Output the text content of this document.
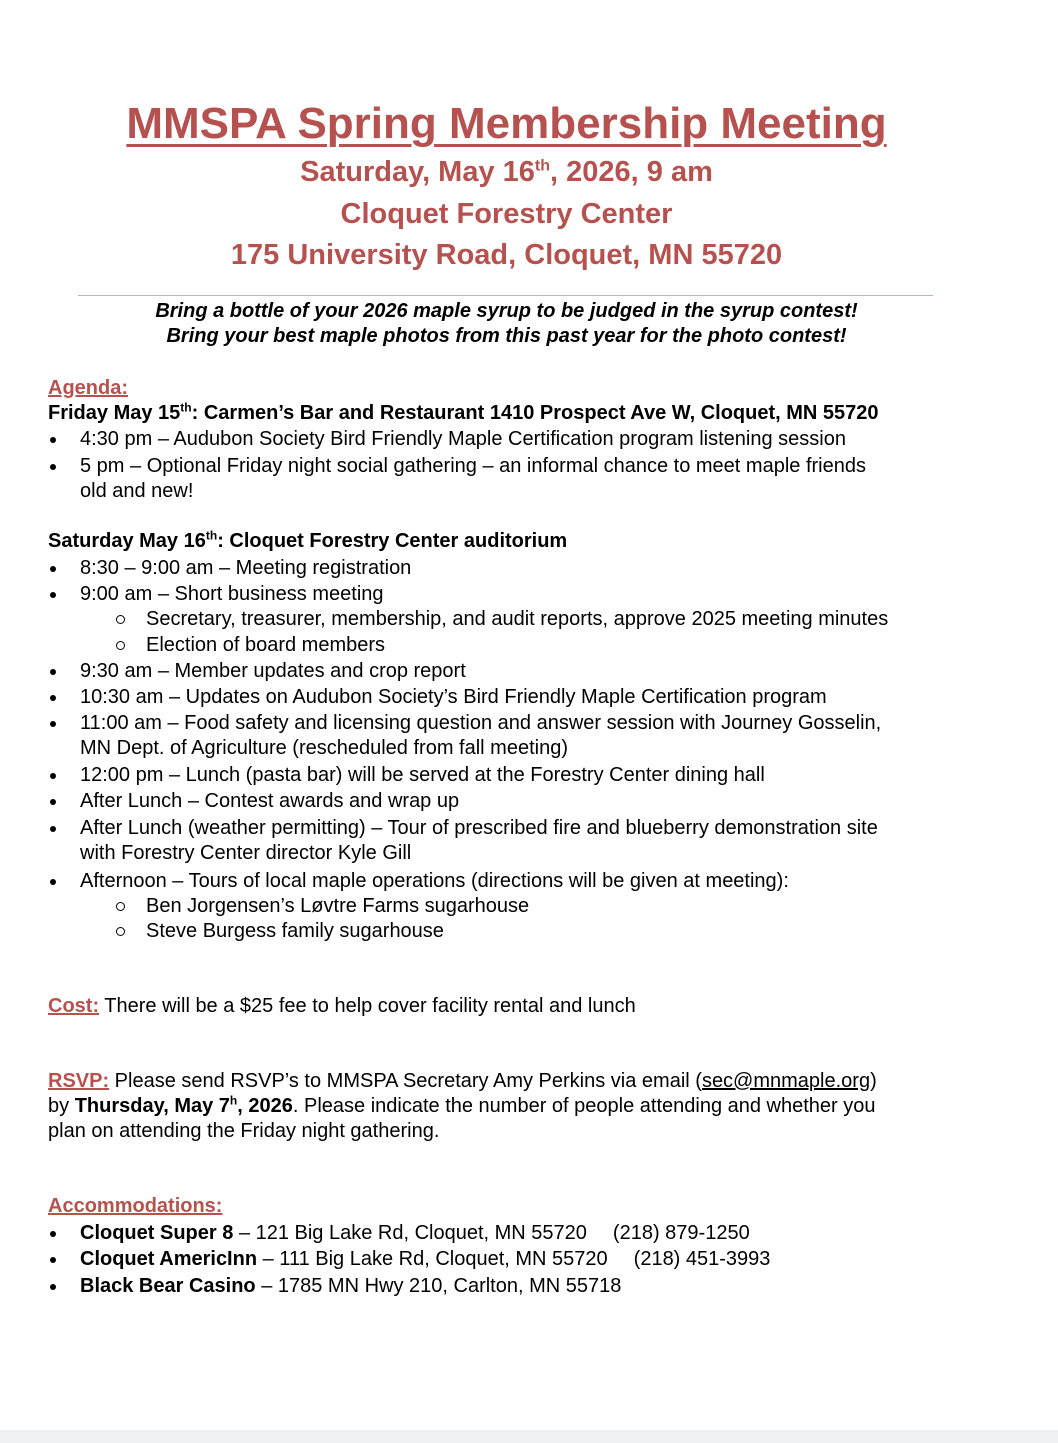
MMSPA Spring Membership Meeting
Saturday, May 16th, 2026, 9 am
Cloquet Forestry Center
175 University Road, Cloquet, MN 55720
Bring a bottle of your 2026 maple syrup to be judged in the syrup contest!
Bring your best maple photos from this past year for the photo contest!
Agenda:
Friday May 15th: Carmen’s Bar and Restaurant 1410 Prospect Ave W, Cloquet, MN 55720
4:30 pm – Audubon Society Bird Friendly Maple Certification program listening session
5 pm – Optional Friday night social gathering – an informal chance to meet maple friends
old and new!
Saturday May 16th: Cloquet Forestry Center auditorium
8:30 – 9:00 am – Meeting registration
9:00 am – Short business meeting
Secretary, treasurer, membership, and audit reports, approve 2025 meeting minutes
Election of board members
9:30 am – Member updates and crop report
10:30 am – Updates on Audubon Society’s Bird Friendly Maple Certification program
11:00 am – Food safety and licensing question and answer session with Journey Gosselin,
MN Dept. of Agriculture (rescheduled from fall meeting)
12:00 pm – Lunch (pasta bar) will be served at the Forestry Center dining hall
After Lunch – Contest awards and wrap up
After Lunch (weather permitting) – Tour of prescribed fire and blueberry demonstration site
with Forestry Center director Kyle Gill
Afternoon – Tours of local maple operations (directions will be given at meeting):
Ben Jorgensen’s Løvtre Farms sugarhouse
Steve Burgess family sugarhouse
Cost: There will be a $25 fee to help cover facility rental and lunch
RSVP: Please send RSVP’s to MMSPA Secretary Amy Perkins via email (sec@mnmaple.org)
by Thursday, May 7$^h$, 2026. Please indicate the number of people attending and whether you
plan on attending the Friday night gathering.
Accommodations:
Cloquet Super 8 – 121 Big Lake Rd, Cloquet, MN 55720 (218) 879-1250
Cloquet AmericInn – 111 Big Lake Rd, Cloquet, MN 55720 (218) 451-3993
Black Bear Casino – 1785 MN Hwy 210, Carlton, MN 55718
